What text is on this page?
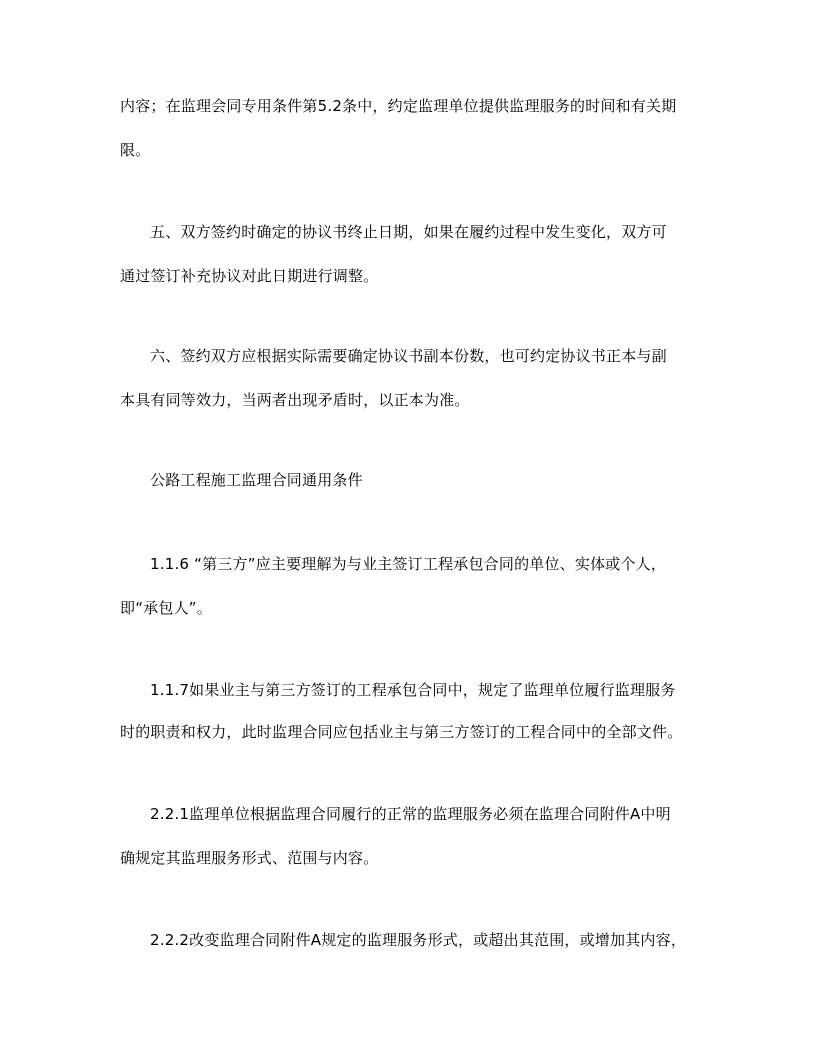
内容；在监理会同专用条件第5.2条中，约定监理单位提供监理服务的时间和有关期
限。
五、双方签约时确定的协议书终止日期，如果在履约过程中发生变化，双方可
通过签订补充协议对此日期进行调整。
六、签约双方应根据实际需要确定协议书副本份数，也可约定协议书正本与副
本具有同等效力，当两者出现矛盾时，以正本为准。
公路工程施工监理合同通用条件
1.1.6 “第三方”应主要理解为与业主签订工程承包合同的单位、实体或个人，
即“承包人”。
1.1.7如果业主与第三方签订的工程承包合同中，规定了监理单位履行监理服务
时的职责和权力，此时监理合同应包括业主与第三方签订的工程合同中的全部文件。
2.2.1监理单位根据监理合同履行的正常的监理服务必须在监理合同附件A中明
确规定其监理服务形式、范围与内容。
2.2.2改变监理合同附件A规定的监理服务形式，或超出其范围，或增加其内容，
